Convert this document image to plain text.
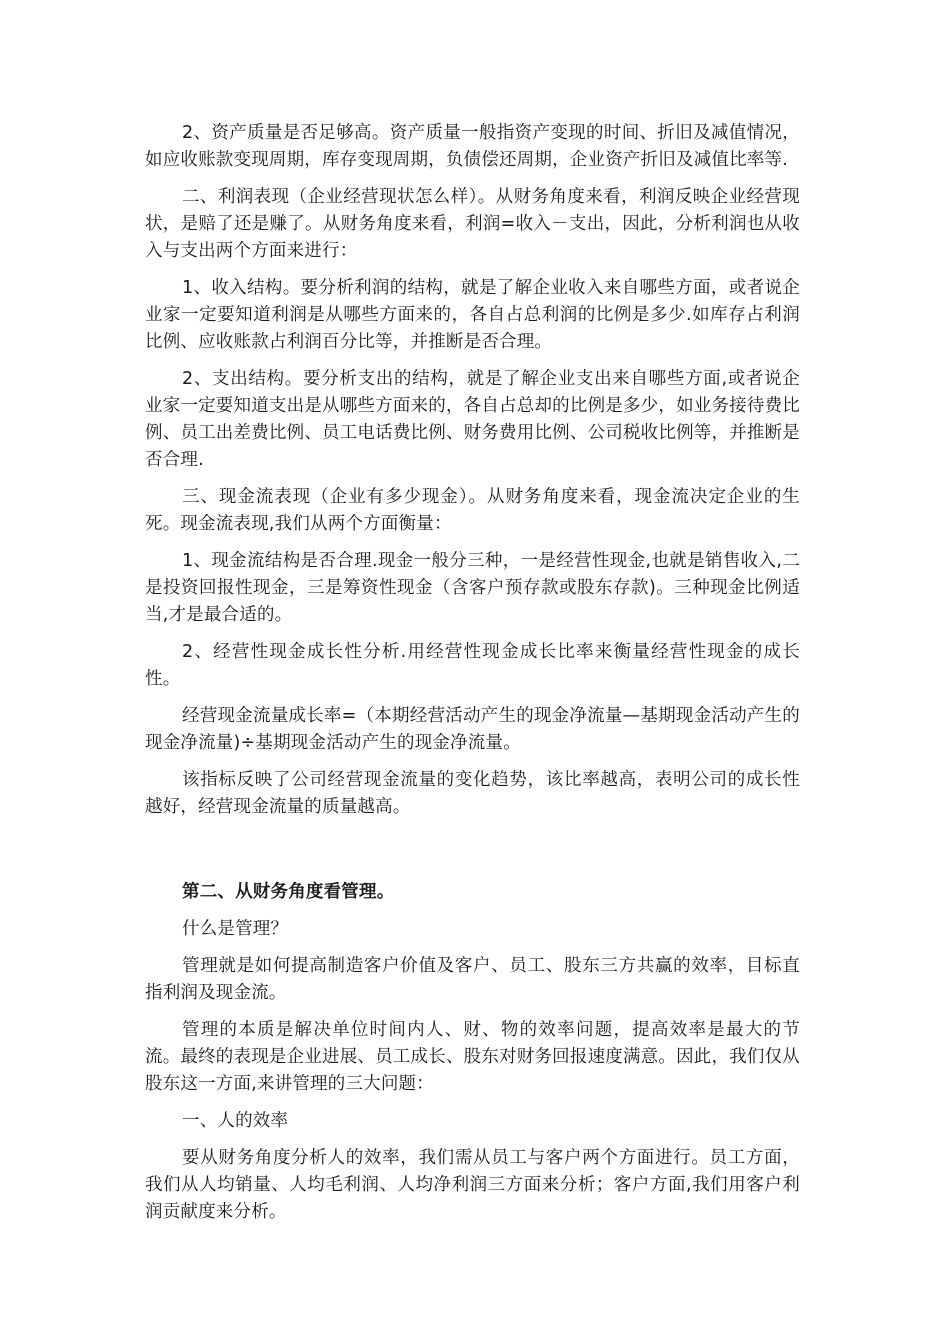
2、资产质量是否足够高。资产质量一般指资产变现的时间、折旧及减值情况，如应收账款变现周期，库存变现周期，负债偿还周期，企业资产折旧及减值比率等.

二、利润表现（企业经营现状怎么样）。从财务角度来看，利润反映企业经营现状，是赔了还是赚了。从财务角度来看，利润=收入－支出，因此，分析利润也从收入与支出两个方面来进行：

1、收入结构。要分析利润的结构，就是了解企业收入来自哪些方面，或者说企业家一定要知道利润是从哪些方面来的，各自占总利润的比例是多少.如库存占利润比例、应收账款占利润百分比等，并推断是否合理。

2、支出结构。要分析支出的结构，就是了解企业支出来自哪些方面,或者说企业家一定要知道支出是从哪些方面来的，各自占总却的比例是多少，如业务接待费比例、员工出差费比例、员工电话费比例、财务费用比例、公司税收比例等，并推断是否合理.

三、现金流表现（企业有多少现金）。从财务角度来看，现金流决定企业的生死。现金流表现,我们从两个方面衡量：

1、现金流结构是否合理.现金一般分三种，一是经营性现金,也就是销售收入,二是投资回报性现金，三是筹资性现金（含客户预存款或股东存款)。三种现金比例适当,才是最合适的。

2、经营性现金成长性分析.用经营性现金成长比率来衡量经营性现金的成长性。

经营现金流量成长率=（本期经营活动产生的现金净流量—基期现金活动产生的现金净流量)÷基期现金活动产生的现金净流量。

该指标反映了公司经营现金流量的变化趋势，该比率越高，表明公司的成长性越好，经营现金流量的质量越高。

第二、从财务角度看管理。

什么是管理？

管理就是如何提高制造客户价值及客户、员工、股东三方共赢的效率，目标直指利润及现金流。

管理的本质是解决单位时间内人、财、物的效率问题，提高效率是最大的节流。最终的表现是企业进展、员工成长、股东对财务回报速度满意。因此，我们仅从股东这一方面,来讲管理的三大问题：

一、人的效率

要从财务角度分析人的效率，我们需从员工与客户两个方面进行。员工方面，我们从人均销量、人均毛利润、人均净利润三方面来分析；客户方面,我们用客户利润贡献度来分析。
